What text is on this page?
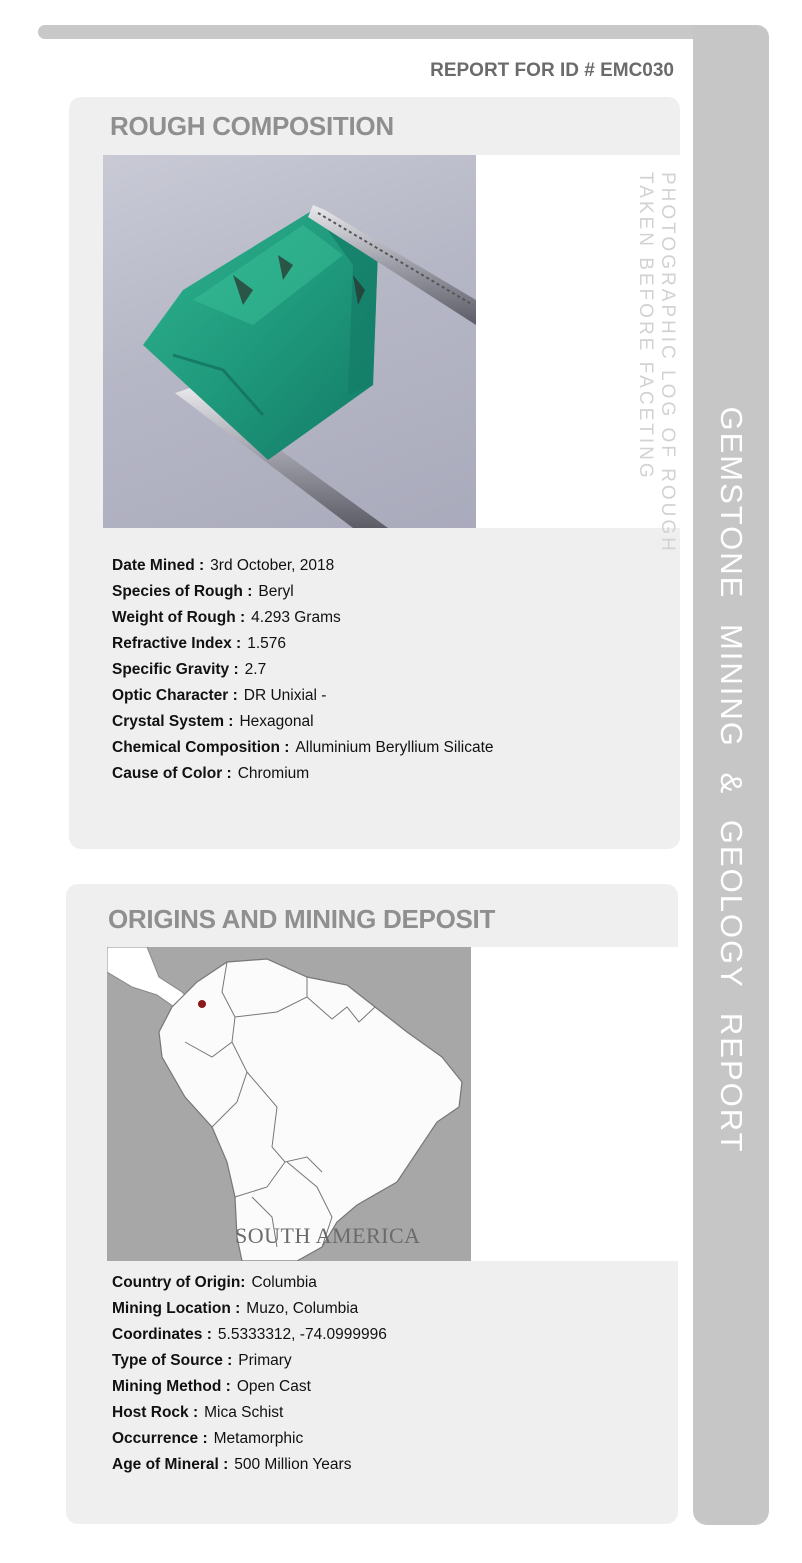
GEMSTONE MINING & GEOLOGY REPORT
REPORT FOR ID # EMC030
ROUGH COMPOSITION
PHOTOGRAPHIC LOG OF ROUGH
TAKEN BEFORE FACETING
Date Mined : 3rd October, 2018
Species of Rough : Beryl
Weight of Rough : 4.293 Grams
Refractive Index : 1.576
Specific Gravity : 2.7
Optic Character : DR Unixial -
Crystal System : Hexagonal
Chemical Composition : Alluminium Beryllium Silicate
Cause of Color : Chromium
ORIGINS AND MINING DEPOSIT
SOUTH AMERICA
Country of Origin: Columbia
Mining Location : Muzo, Columbia
Coordinates : 5.5333312, -74.0999996
Type of Source : Primary
Mining Method : Open Cast
Host Rock : Mica Schist
Occurrence : Metamorphic
Age of Mineral : 500 Million Years
